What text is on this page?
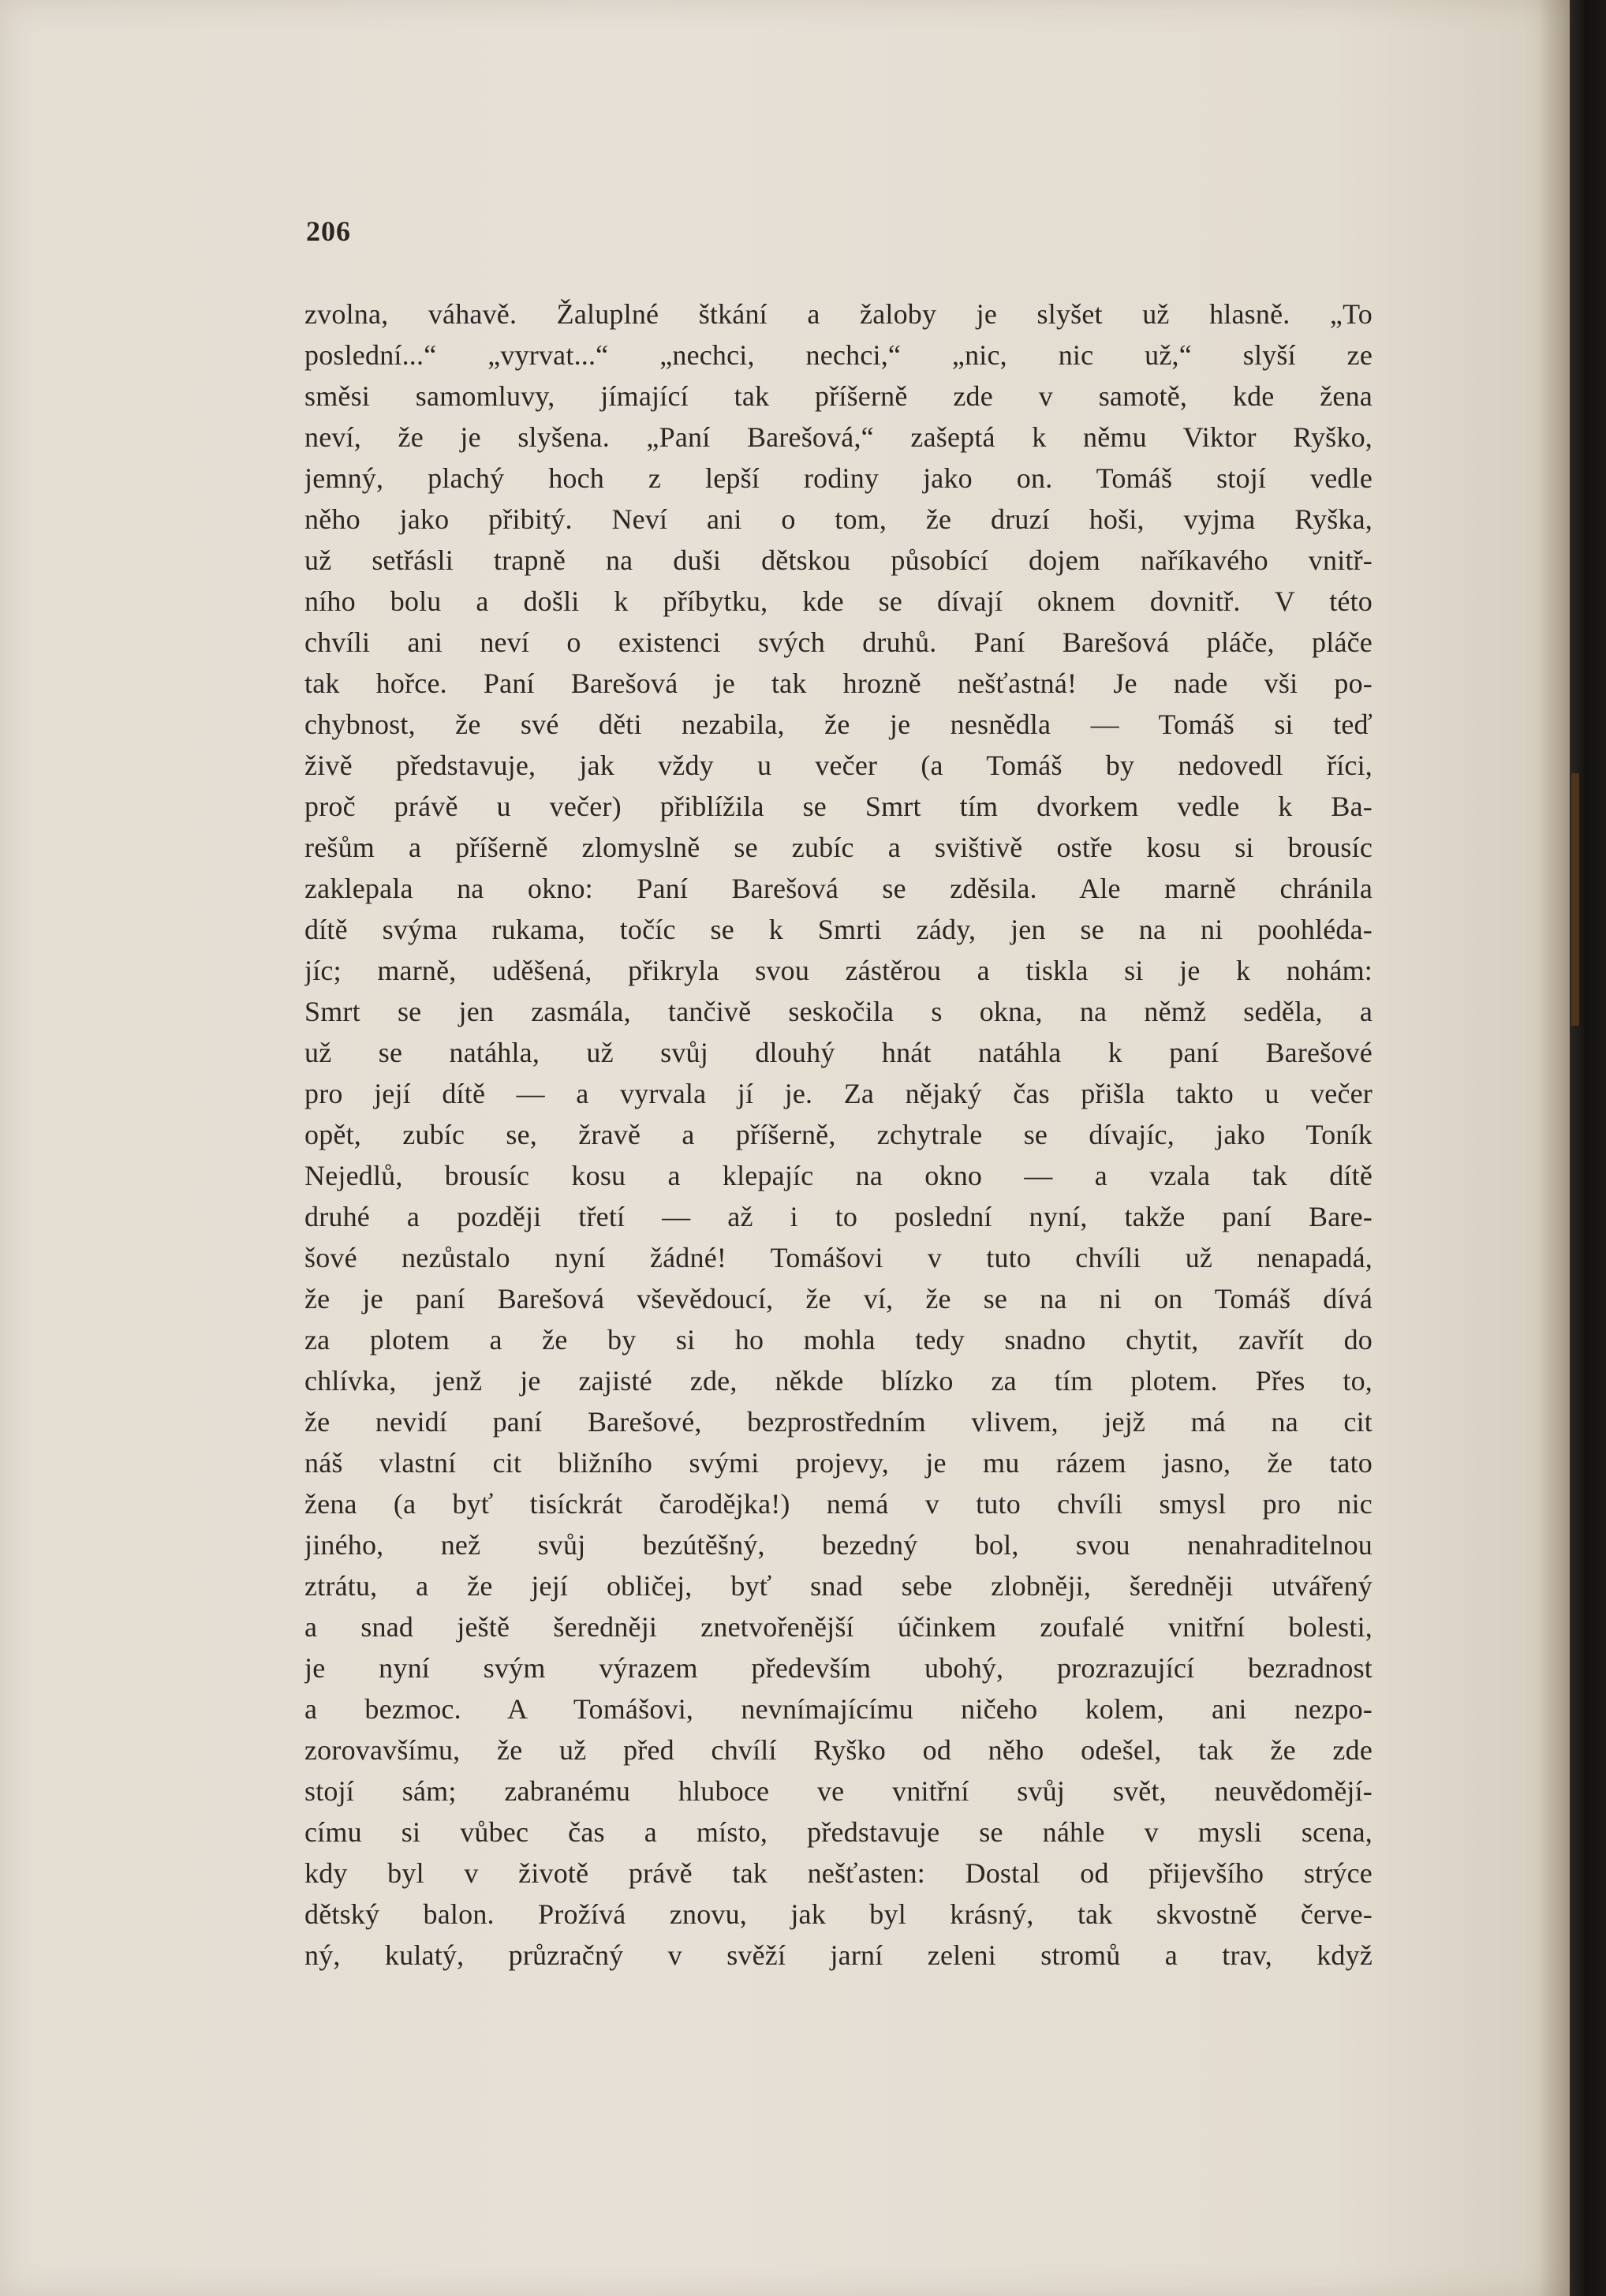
206
zvolna, váhavě. Žaluplné štkání a žaloby je slyšet už hlasně. „To
poslední...“ „vyrvat...“ „nechci, nechci,“ „nic, nic už,“ slyší ze
směsi samomluvy, jímající tak příšerně zde v samotě, kde žena
neví, že je slyšena. „Paní Barešová,“ zašeptá k němu Viktor Ryško,
jemný, plachý hoch z lepší rodiny jako on. Tomáš stojí vedle
něho jako přibitý. Neví ani o tom, že druzí hoši, vyjma Ryška,
už setřásli trapně na duši dětskou působící dojem naříkavého vnitř-
ního bolu a došli k příbytku, kde se dívají oknem dovnitř. V této
chvíli ani neví o existenci svých druhů. Paní Barešová pláče, pláče
tak hořce. Paní Barešová je tak hrozně nešťastná! Je nade vši po-
chybnost, že své děti nezabila, že je nesnědla — Tomáš si teď
živě představuje, jak vždy u večer (a Tomáš by nedovedl říci,
proč právě u večer) přiblížila se Smrt tím dvorkem vedle k Ba-
rešům a příšerně zlomyslně se zubíc a svištivě ostře kosu si brousíc
zaklepala na okno: Paní Barešová se zděsila. Ale marně chránila
dítě svýma rukama, točíc se k Smrti zády, jen se na ni poohléda-
jíc; marně, uděšená, přikryla svou zástěrou a tiskla si je k nohám:
Smrt se jen zasmála, tančivě seskočila s okna, na němž seděla, a
už se natáhla, už svůj dlouhý hnát natáhla k paní Barešové
pro její dítě — a vyrvala jí je. Za nějaký čas přišla takto u večer
opět, zubíc se, žravě a příšerně, zchytrale se dívajíc, jako Toník
Nejedlů, brousíc kosu a klepajíc na okno — a vzala tak dítě
druhé a později třetí — až i to poslední nyní, takže paní Bare-
šové nezůstalo nyní žádné! Tomášovi v tuto chvíli už nenapadá,
že je paní Barešová vševědoucí, že ví, že se na ni on Tomáš dívá
za plotem a že by si ho mohla tedy snadno chytit, zavřít do
chlívka, jenž je zajisté zde, někde blízko za tím plotem. Přes to,
že nevidí paní Barešové, bezprostředním vlivem, jejž má na cit
náš vlastní cit bližního svými projevy, je mu rázem jasno, že tato
žena (a byť tisíckrát čarodějka!) nemá v tuto chvíli smysl pro nic
jiného, než svůj bezútěšný, bezedný bol, svou nenahraditelnou
ztrátu, a že její obličej, byť snad sebe zlobněji, šeredněji utvářený
a snad ještě šeredněji znetvořenější účinkem zoufalé vnitřní bolesti,
je nyní svým výrazem především ubohý, prozrazující bezradnost
a bezmoc. A Tomášovi, nevnímajícímu ničeho kolem, ani nezpo-
zorovavšímu, že už před chvílí Ryško od něho odešel, tak že zde
stojí sám; zabranému hluboce ve vnitřní svůj svět, neuvědomějí-
címu si vůbec čas a místo, představuje se náhle v mysli scena,
kdy byl v životě právě tak nešťasten: Dostal od přijevšího strýce
dětský balon. Prožívá znovu, jak byl krásný, tak skvostně červe-
ný, kulatý, průzračný v svěží jarní zeleni stromů a trav, když
